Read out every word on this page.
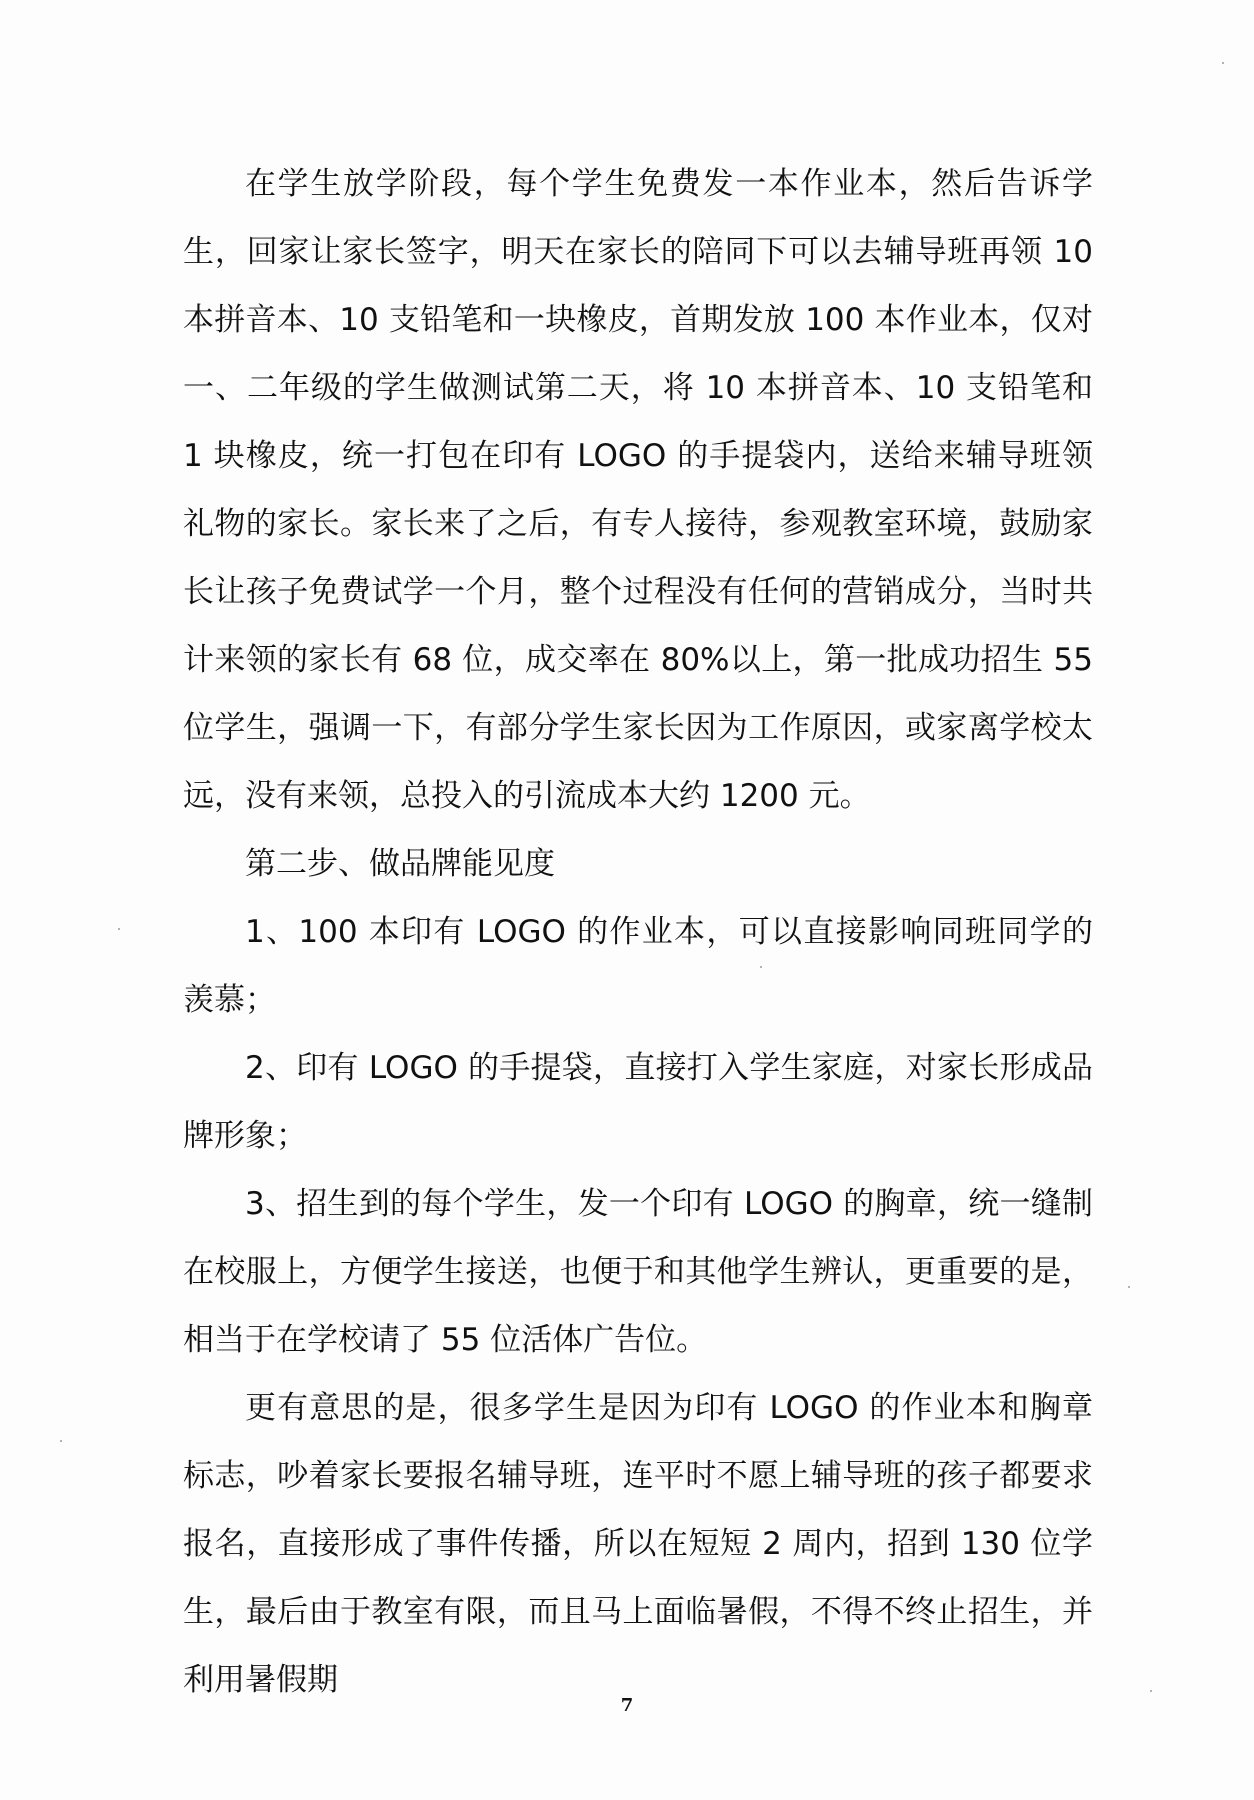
在学生放学阶段，每个学生免费发一本作业本，然后告诉学生，回家让家长签字，明天在家长的陪同下可以去辅导班再领 10 本拼音本、10 支铅笔和一块橡皮，首期发放 100 本作业本，仅对一、二年级的学生做测试第二天，将 10 本拼音本、10 支铅笔和 1 块橡皮，统一打包在印有 LOGO 的手提袋内，送给来辅导班领礼物的家长。家长来了之后，有专人接待，参观教室环境，鼓励家长让孩子免费试学一个月，整个过程没有任何的营销成分，当时共计来领的家长有 68 位，成交率在 80%以上，第一批成功招生 55 位学生，强调一下，有部分学生家长因为工作原因，或家离学校太远，没有来领，总投入的引流成本大约 1200 元。

第二步、做品牌能见度

1、100 本印有 LOGO 的作业本，可以直接影响同班同学的羡慕；

2、印有 LOGO 的手提袋，直接打入学生家庭，对家长形成品牌形象；

3、招生到的每个学生，发一个印有 LOGO 的胸章，统一缝制在校服上，方便学生接送，也便于和其他学生辨认，更重要的是，相当于在学校请了 55 位活体广告位。

更有意思的是，很多学生是因为印有 LOGO 的作业本和胸章标志，吵着家长要报名辅导班，连平时不愿上辅导班的孩子都要求报名，直接形成了事件传播，所以在短短 2 周内，招到 130 位学生，最后由于教室有限，而且马上面临暑假，不得不终止招生，并利用暑假期

7
